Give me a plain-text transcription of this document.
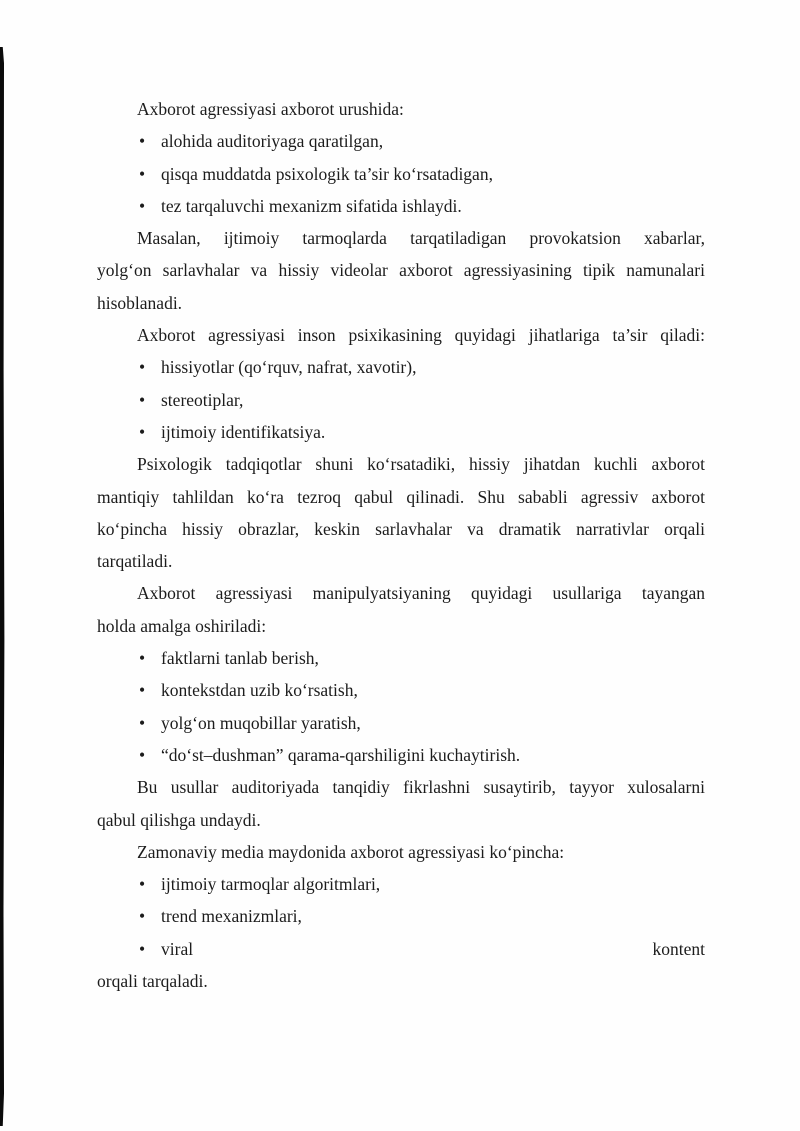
Axborot agressiyasi axborot urushida:
• alohida auditoriyaga qaratilgan,
• qisqa muddatda psixologik ta’sir ko‘rsatadigan,
• tez tarqaluvchi mexanizm sifatida ishlaydi.
Masalan, ijtimoiy tarmoqlarda tarqatiladigan provokatsion xabarlar,
yolg‘on sarlavhalar va hissiy videolar axborot agressiyasining tipik namunalari
hisoblanadi.
Axborot agressiyasi inson psixikasining quyidagi jihatlariga ta’sir qiladi:
• hissiyotlar (qo‘rquv, nafrat, xavotir),
• stereotiplar,
• ijtimoiy identifikatsiya.
Psixologik tadqiqotlar shuni ko‘rsatadiki, hissiy jihatdan kuchli axborot
mantiqiy tahlildan ko‘ra tezroq qabul qilinadi. Shu sababli agressiv axborot
ko‘pincha hissiy obrazlar, keskin sarlavhalar va dramatik narrativlar orqali
tarqatiladi.
Axborot agressiyasi manipulyatsiyaning quyidagi usullariga tayangan
holda amalga oshiriladi:
• faktlarni tanlab berish,
• kontekstdan uzib ko‘rsatish,
• yolg‘on muqobillar yaratish,
• “do‘st–dushman” qarama-qarshiligini kuchaytirish.
Bu usullar auditoriyada tanqidiy fikrlashni susaytirib, tayyor xulosalarni
qabul qilishga undaydi.
Zamonaviy media maydonida axborot agressiyasi ko‘pincha:
• ijtimoiy tarmoqlar algoritmlari,
• trend mexanizmlari,
• viral	kontent
orqali tarqaladi.
